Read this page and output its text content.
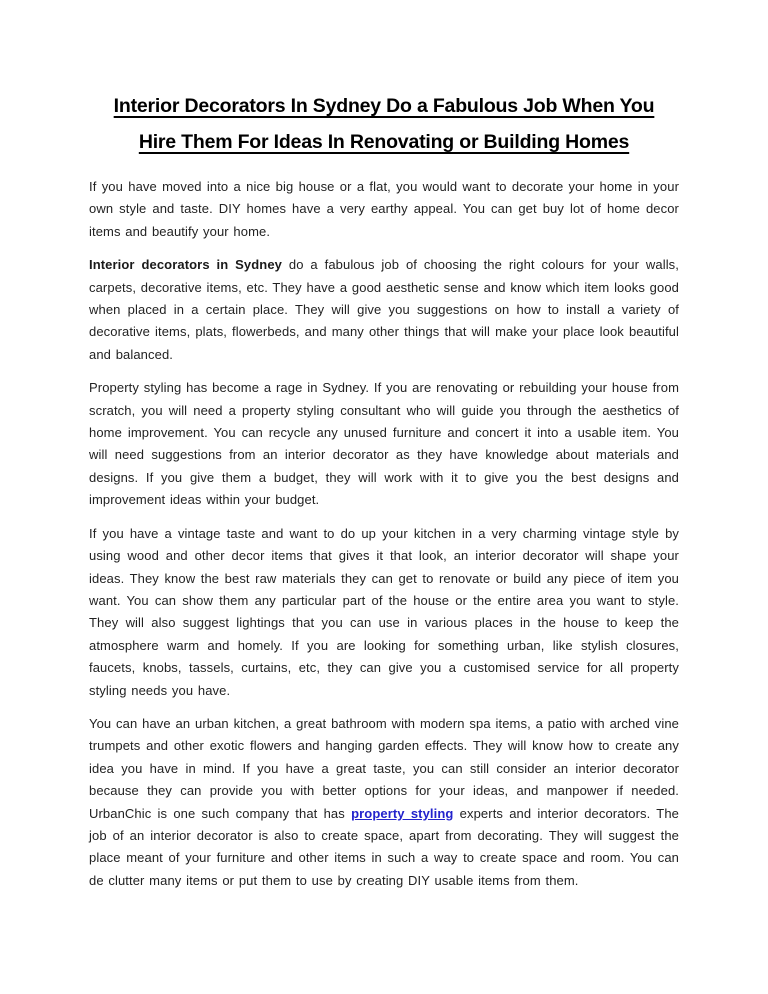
Interior Decorators In Sydney Do a Fabulous Job When You Hire Them For Ideas In Renovating or Building Homes

If you have moved into a nice big house or a flat, you would want to decorate your home in your own style and taste. DIY homes have a very earthy appeal. You can get buy lot of home decor items and beautify your home.

Interior decorators in Sydney do a fabulous job of choosing the right colours for your walls, carpets, decorative items, etc. They have a good aesthetic sense and know which item looks good when placed in a certain place. They will give you suggestions on how to install a variety of decorative items, plats, flowerbeds, and many other things that will make your place look beautiful and balanced.

Property styling has become a rage in Sydney. If you are renovating or rebuilding your house from scratch, you will need a property styling consultant who will guide you through the aesthetics of home improvement. You can recycle any unused furniture and concert it into a usable item. You will need suggestions from an interior decorator as they have knowledge about materials and designs. If you give them a budget, they will work with it to give you the best designs and improvement ideas within your budget.

If you have a vintage taste and want to do up your kitchen in a very charming vintage style by using wood and other decor items that gives it that look, an interior decorator will shape your ideas. They know the best raw materials they can get to renovate or build any piece of item you want. You can show them any particular part of the house or the entire area you want to style. They will also suggest lightings that you can use in various places in the house to keep the atmosphere warm and homely. If you are looking for something urban, like stylish closures, faucets, knobs, tassels, curtains, etc, they can give you a customised service for all property styling needs you have.

You can have an urban kitchen, a great bathroom with modern spa items, a patio with arched vine trumpets and other exotic flowers and hanging garden effects. They will know how to create any idea you have in mind. If you have a great taste, you can still consider an interior decorator because they can provide you with better options for your ideas, and manpower if needed. UrbanChic is one such company that has property styling experts and interior decorators. The job of an interior decorator is also to create space, apart from decorating. They will suggest the place meant of your furniture and other items in such a way to create space and room. You can de clutter many items or put them to use by creating DIY usable items from them.
